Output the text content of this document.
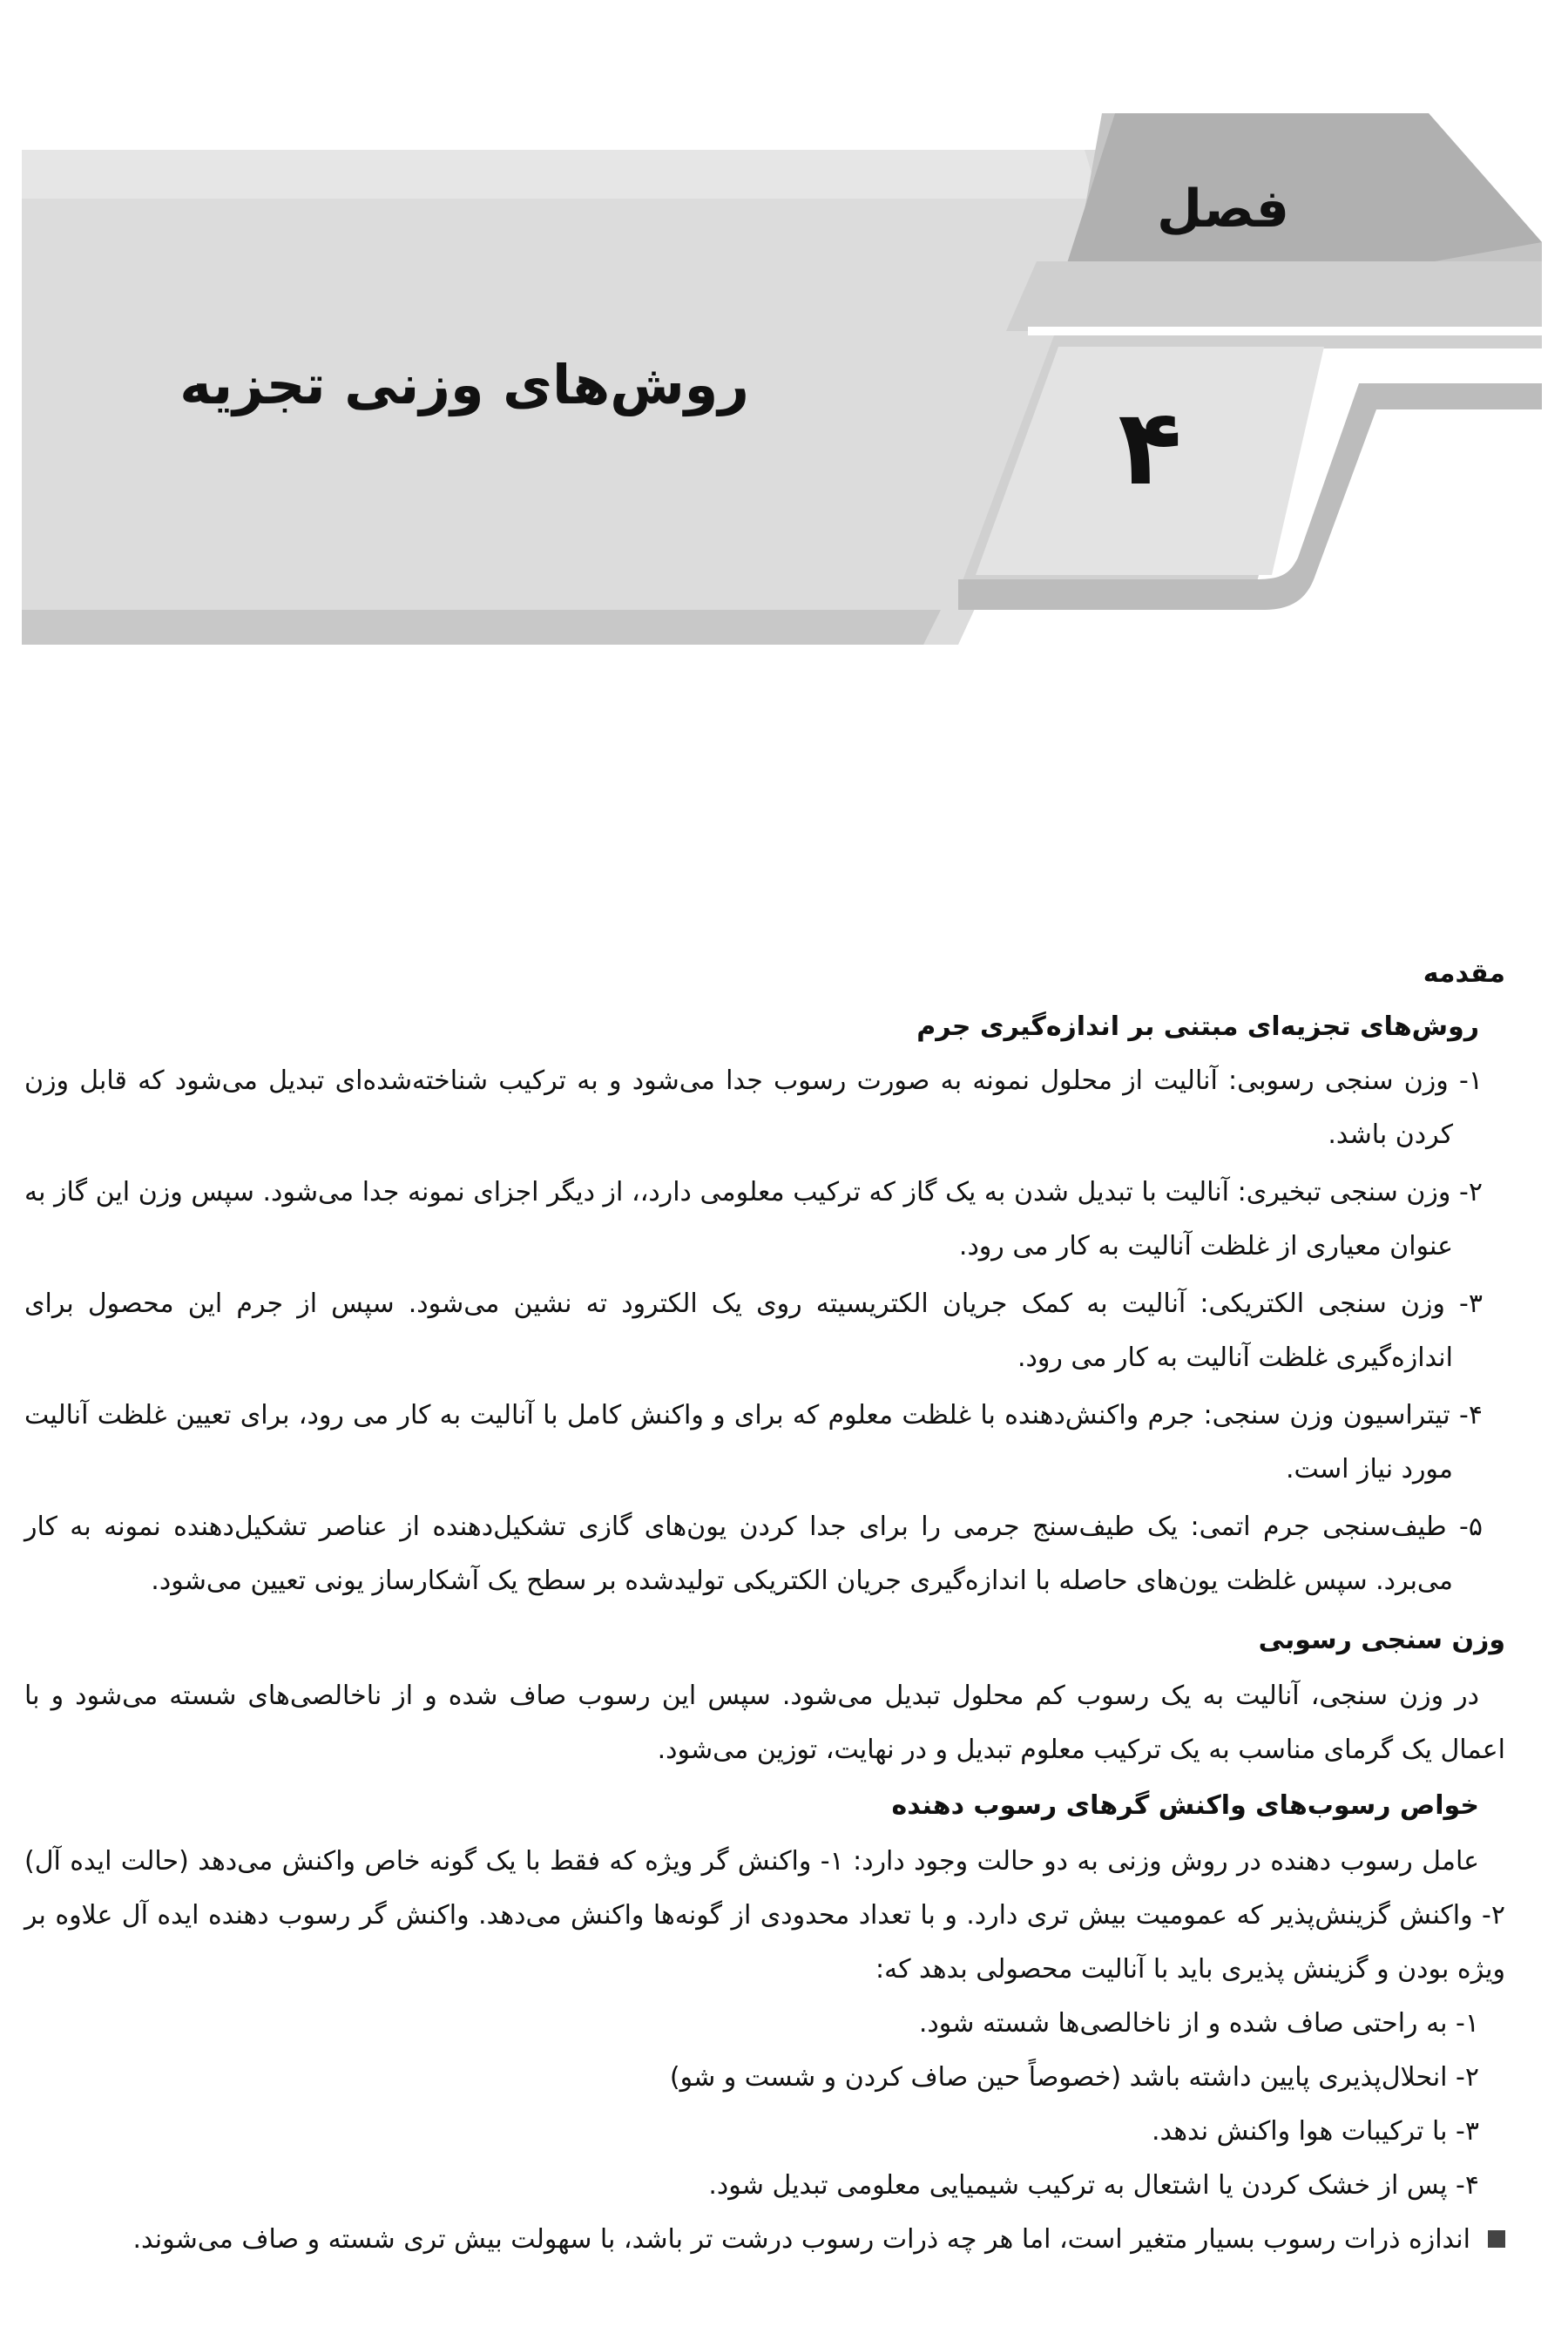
فصل
۴
روش‌های وزنی تجزیه

مقدمه

روش‌های تجزیه‌ای مبتنی بر اندازه‌گیری جرم

۱- وزن سنجی رسوبی: آنالیت از محلول نمونه به صورت رسوب جدا می‌شود و به ترکیب شناخته‌شده‌ای تبدیل می‌شود که قابل وزن کردن باشد.

۲- وزن سنجی تبخیری: آنالیت با تبدیل شدن به یک گاز که ترکیب معلومی دارد،، از دیگر اجزای نمونه جدا می‌شود. سپس وزن این گاز به عنوان معیاری از غلظت آنالیت به کار می رود.

۳- وزن سنجی الکتریکی: آنالیت به کمک جریان الکتریسیته روی یک الکترود ته نشین می‌شود. سپس از جرم این محصول برای اندازه‌گیری غلظت آنالیت به کار می رود.

۴- تیتراسیون وزن سنجی: جرم واکنش‌دهنده با غلظت معلوم که برای و واکنش کامل با آنالیت به کار می رود، برای تعیین غلظت آنالیت مورد نیاز است.

۵- طیف‌سنجی جرم اتمی: یک طیف‌سنج جرمی را برای جدا کردن یون‌های گازی تشکیل‌دهنده از عناصر تشکیل‌دهنده نمونه به کار می‌برد. سپس غلظت یون‌های حاصله با اندازه‌گیری جریان الکتریکی تولیدشده بر سطح یک آشکارساز یونی تعیین می‌شود.

وزن سنجی رسوبی

در وزن سنجی، آنالیت به یک رسوب کم محلول تبدیل می‌شود. سپس این رسوب صاف شده و از ناخالصی‌های شسته می‌شود و با اعمال یک گرمای مناسب به یک ترکیب معلوم تبدیل و در نهایت، توزین می‌شود.

خواص رسوب‌های واکنش گرهای رسوب دهنده

عامل رسوب دهنده در روش وزنی به دو حالت وجود دارد: ۱- واکنش گر ویژه که فقط با یک گونه خاص واکنش می‌دهد (حالت ایده آل) ۲- واکنش گزینش‌پذیر که عمومیت بیش تری دارد. و با تعداد محدودی از گونه‌ها واکنش می‌دهد. واکنش گر رسوب دهنده ایده آل علاوه بر ویژه بودن و گزینش پذیری باید با آنالیت محصولی بدهد که:

۱- به راحتی صاف شده و از ناخالصی‌ها شسته شود.

۲- انحلال‌پذیری پایین داشته باشد (خصوصاً حین صاف کردن و شست و شو)

۳- با ترکیبات هوا واکنش ندهد.

۴- پس از خشک کردن یا اشتعال به ترکیب شیمیایی معلومی تبدیل شود.

اندازه ذرات رسوب بسیار متغیر است، اما هر چه ذرات رسوب درشت تر باشد، با سهولت بیش تری شسته و صاف می‌شوند.
